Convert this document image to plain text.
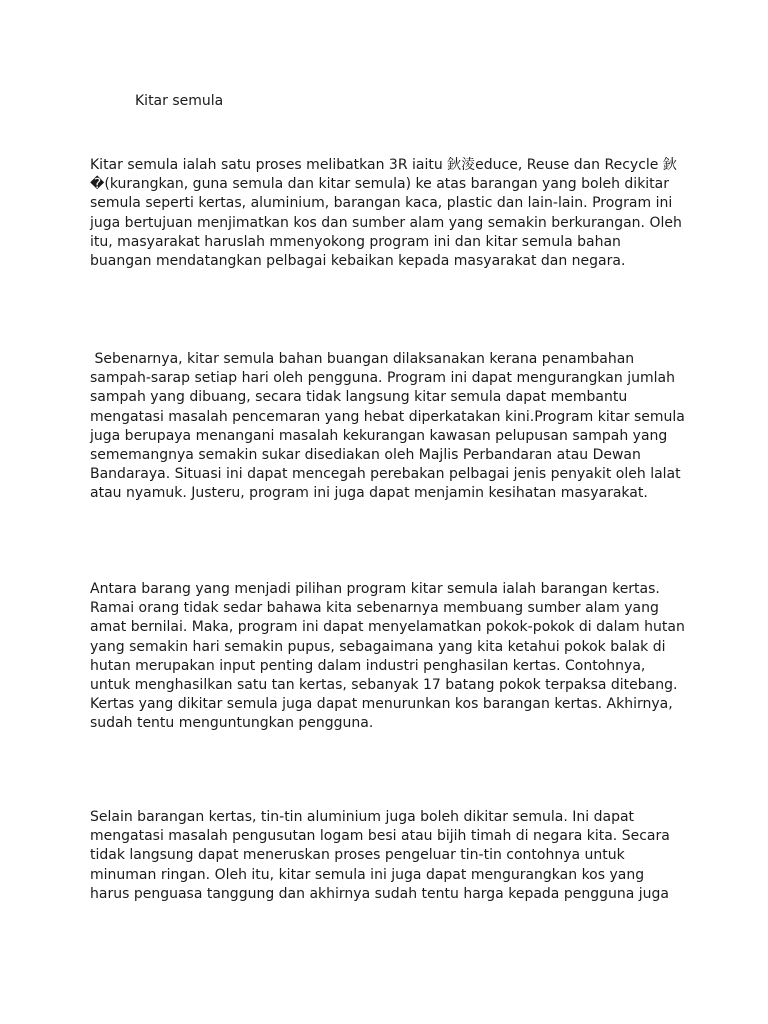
Kitar semula
Kitar semula ialah satu proses melibatkan 3R iaitu 鈥淩educe, Reuse dan Recycle 鈥
�(kurangkan, guna semula dan kitar semula) ke atas barangan yang boleh dikitar
semula seperti kertas, aluminium, barangan kaca, plastic dan lain-lain. Program ini
juga bertujuan menjimatkan kos dan sumber alam yang semakin berkurangan. Oleh
itu, masyarakat haruslah mmenyokong program ini dan kitar semula bahan
buangan mendatangkan pelbagai kebaikan kepada masyarakat dan negara.
Sebenarnya, kitar semula bahan buangan dilaksanakan kerana penambahan
sampah-sarap setiap hari oleh pengguna. Program ini dapat mengurangkan jumlah
sampah yang dibuang, secara tidak langsung kitar semula dapat membantu
mengatasi masalah pencemaran yang hebat diperkatakan kini.Program kitar semula
juga berupaya menangani masalah kekurangan kawasan pelupusan sampah yang
sememangnya semakin sukar disediakan oleh Majlis Perbandaran atau Dewan
Bandaraya. Situasi ini dapat mencegah perebakan pelbagai jenis penyakit oleh lalat
atau nyamuk. Justeru, program ini juga dapat menjamin kesihatan masyarakat.
Antara barang yang menjadi pilihan program kitar semula ialah barangan kertas.
Ramai orang tidak sedar bahawa kita sebenarnya membuang sumber alam yang
amat bernilai. Maka, program ini dapat menyelamatkan pokok-pokok di dalam hutan
yang semakin hari semakin pupus, sebagaimana yang kita ketahui pokok balak di
hutan merupakan input penting dalam industri penghasilan kertas. Contohnya,
untuk menghasilkan satu tan kertas, sebanyak 17 batang pokok terpaksa ditebang.
Kertas yang dikitar semula juga dapat menurunkan kos barangan kertas. Akhirnya,
sudah tentu menguntungkan pengguna.
Selain barangan kertas, tin-tin aluminium juga boleh dikitar semula. Ini dapat
mengatasi masalah pengusutan logam besi atau bijih timah di negara kita. Secara
tidak langsung dapat meneruskan proses pengeluar tin-tin contohnya untuk
minuman ringan. Oleh itu, kitar semula ini juga dapat mengurangkan kos yang
harus penguasa tanggung dan akhirnya sudah tentu harga kepada pengguna juga
